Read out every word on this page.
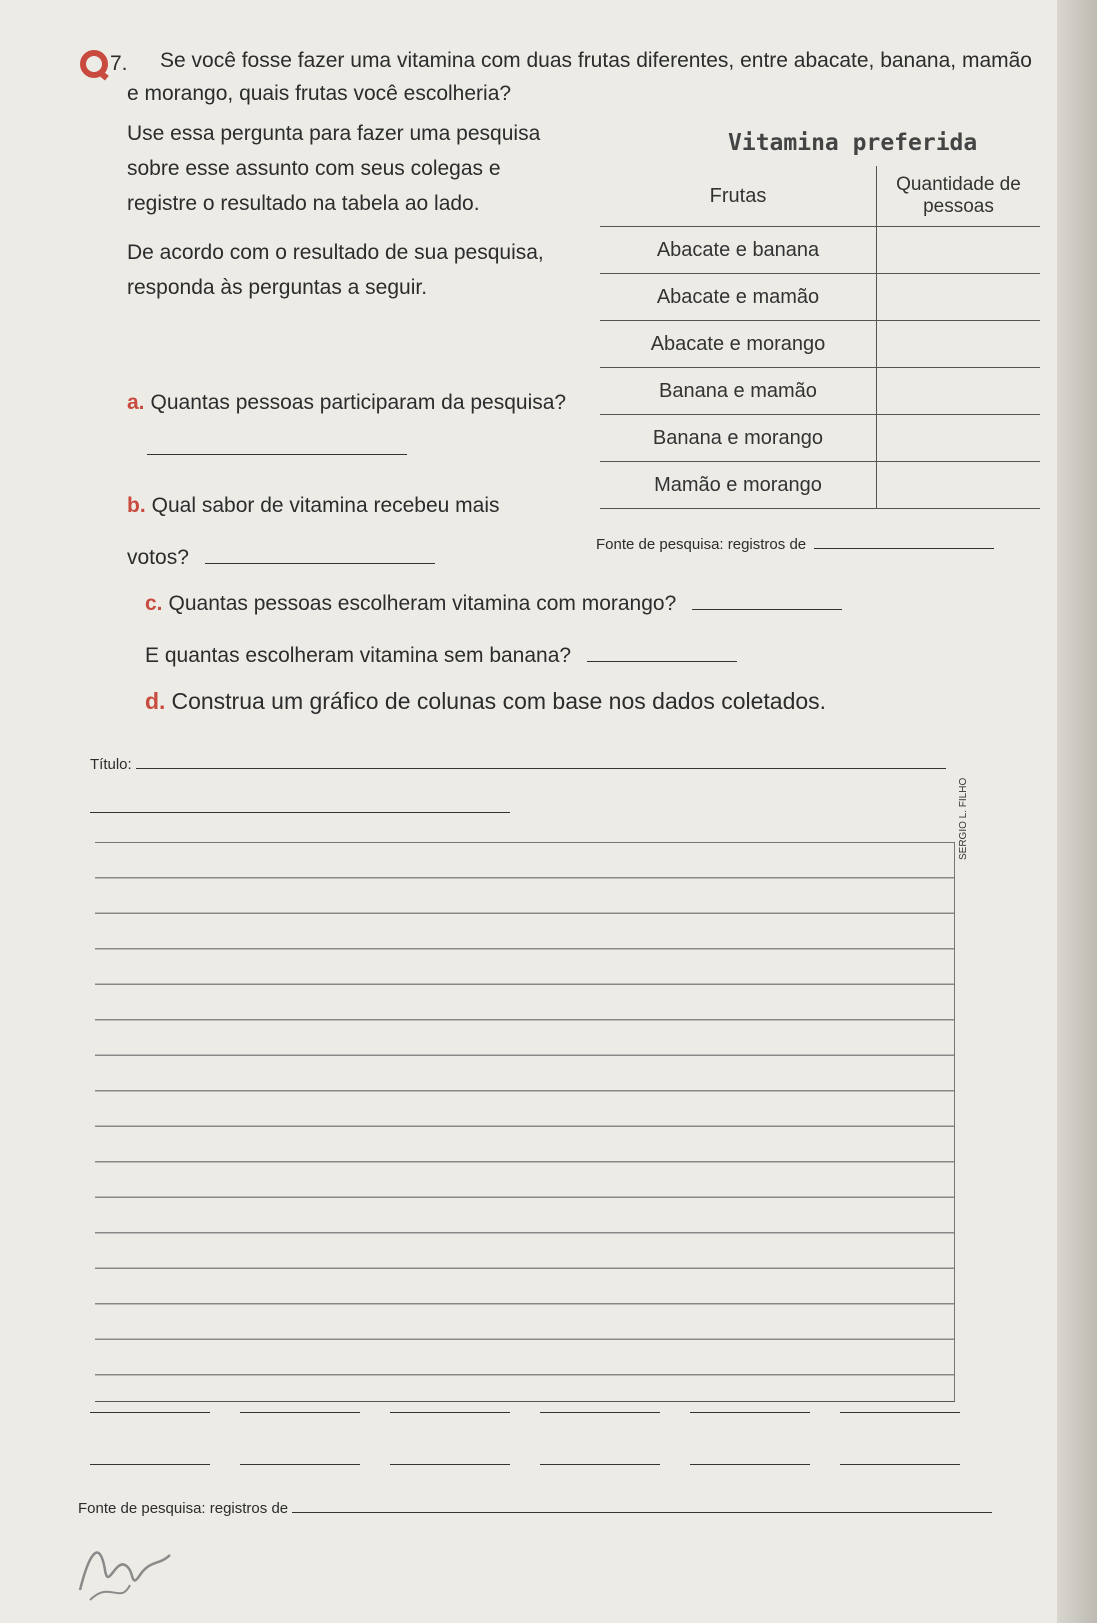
7.	Se você fosse fazer uma vitamina com duas frutas diferentes, entre abacate, banana, mamão e morango, quais frutas você escolheria?

Use essa pergunta para fazer uma pesquisa sobre esse assunto com seus colegas e registre o resultado na tabela ao lado.

De acordo com o resultado de sua pesquisa, responda às perguntas a seguir.

a. Quantas pessoas participaram da pesquisa?
b. Qual sabor de vitamina recebeu mais votos?
Vitamina preferida
Frutas	Quantidade de pessoas
Abacate e banana	
Abacate e mamão	
Abacate e morango	
Banana e mamão	
Banana e morango	
Mamão e morango	
Fonte de pesquisa: registros de
c. Quantas pessoas escolheram vitamina com morango?
E quantas escolheram vitamina sem banana?
d. Construa um gráfico de colunas com base nos dados coletados.
Título:
SERGIO L. FILHO
Fonte de pesquisa: registros de
